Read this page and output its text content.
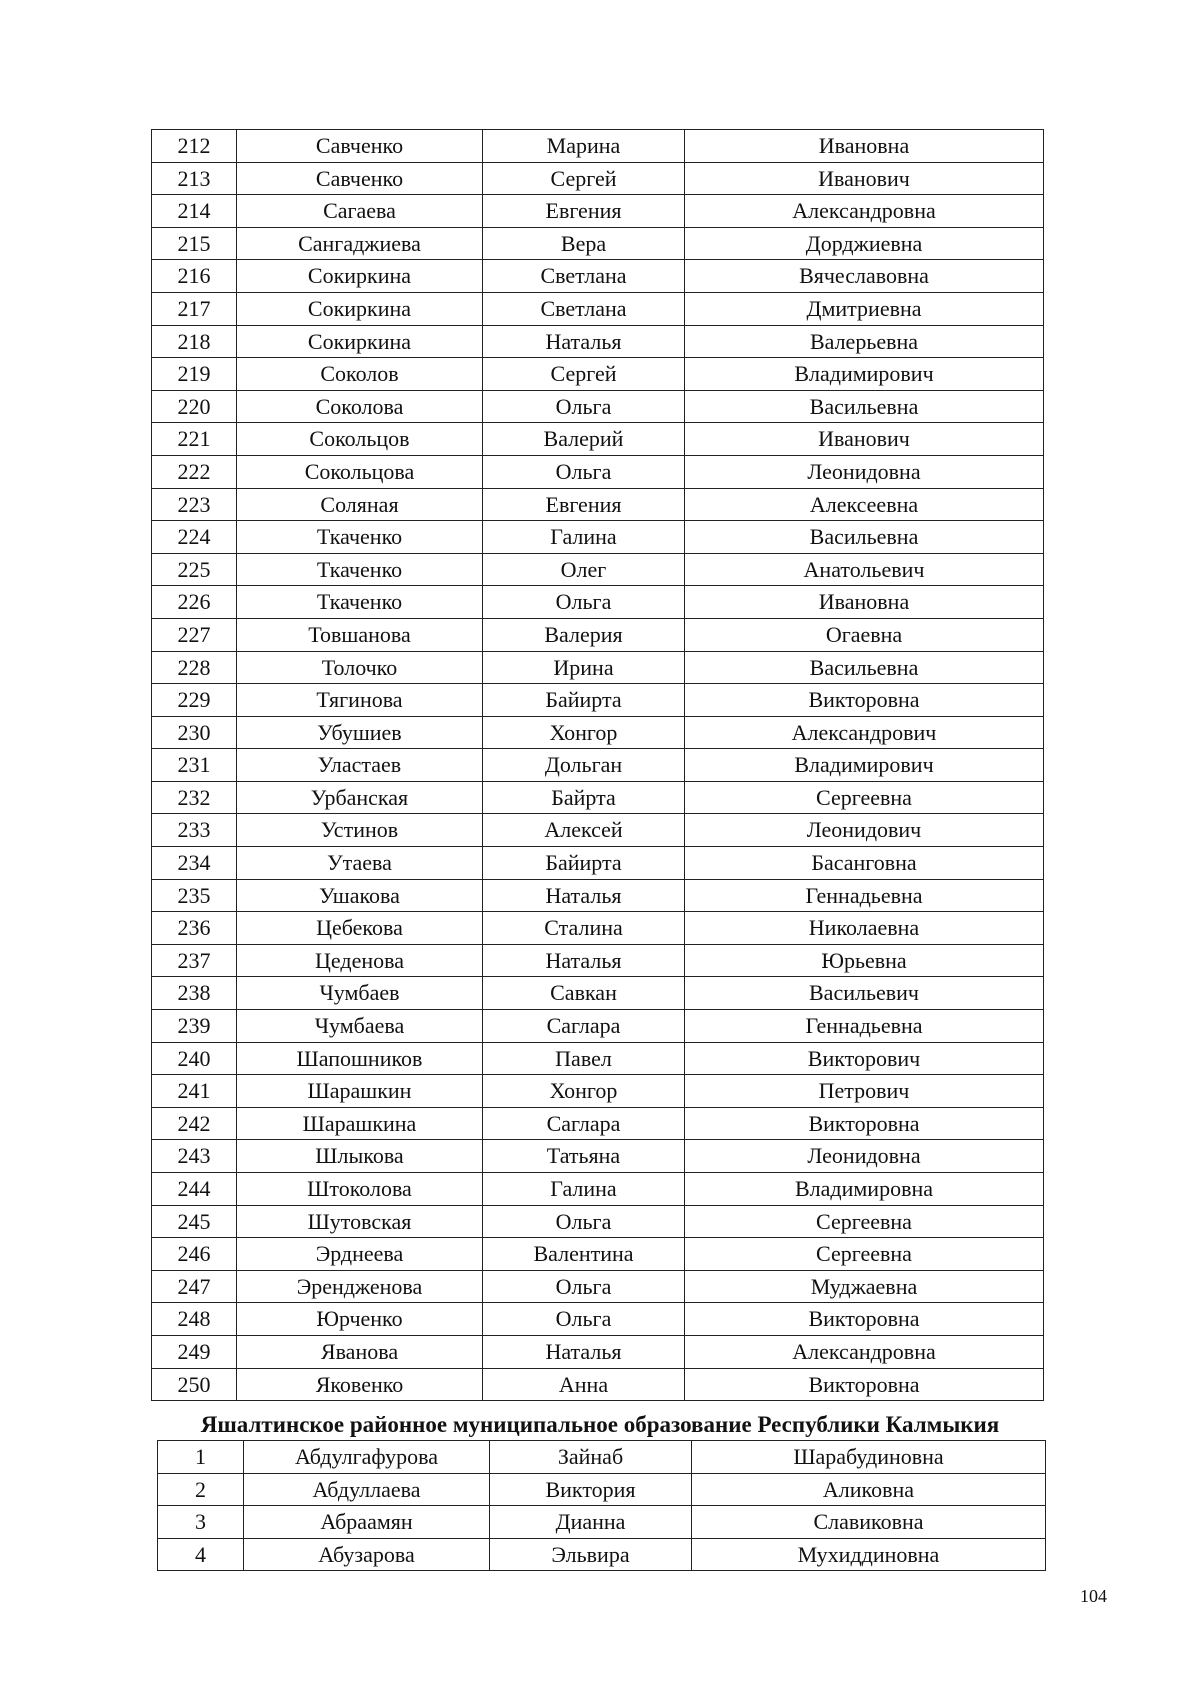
212	Савченко	Марина	Ивановна
213	Савченко	Сергей	Иванович
214	Сагаева	Евгения	Александровна
215	Сангаджиева	Вера	Дорджиевна
216	Сокиркина	Светлана	Вячеславовна
217	Сокиркина	Светлана	Дмитриевна
218	Сокиркина	Наталья	Валерьевна
219	Соколов	Сергей	Владимирович
220	Соколова	Ольга	Васильевна
221	Сокольцов	Валерий	Иванович
222	Сокольцова	Ольга	Леонидовна
223	Соляная	Евгения	Алексеевна
224	Ткаченко	Галина	Васильевна
225	Ткаченко	Олег	Анатольевич
226	Ткаченко	Ольга	Ивановна
227	Товшанова	Валерия	Огаевна
228	Толочко	Ирина	Васильевна
229	Тягинова	Байирта	Викторовна
230	Убушиев	Хонгор	Александрович
231	Уластаев	Дольган	Владимирович
232	Урбанская	Байрта	Сергеевна
233	Устинов	Алексей	Леонидович
234	Утаева	Байирта	Басанговна
235	Ушакова	Наталья	Геннадьевна
236	Цебекова	Сталина	Николаевна
237	Цеденова	Наталья	Юрьевна
238	Чумбаев	Савкан	Васильевич
239	Чумбаева	Саглара	Геннадьевна
240	Шапошников	Павел	Викторович
241	Шарашкин	Хонгор	Петрович
242	Шарашкина	Саглара	Викторовна
243	Шлыкова	Татьяна	Леонидовна
244	Штоколова	Галина	Владимировна
245	Шутовская	Ольга	Сергеевна
246	Эрднеева	Валентина	Сергеевна
247	Эрендженова	Ольга	Муджаевна
248	Юрченко	Ольга	Викторовна
249	Яванова	Наталья	Александровна
250	Яковенко	Анна	Викторовна
Яшалтинское районное муниципальное образование Республики Калмыкия
1	Абдулгафурова	Зайнаб	Шарабудиновна
2	Абдуллаева	Виктория	Аликовна
3	Абраамян	Дианна	Славиковна
4	Абузарова	Эльвира	Мухиддиновна
104
